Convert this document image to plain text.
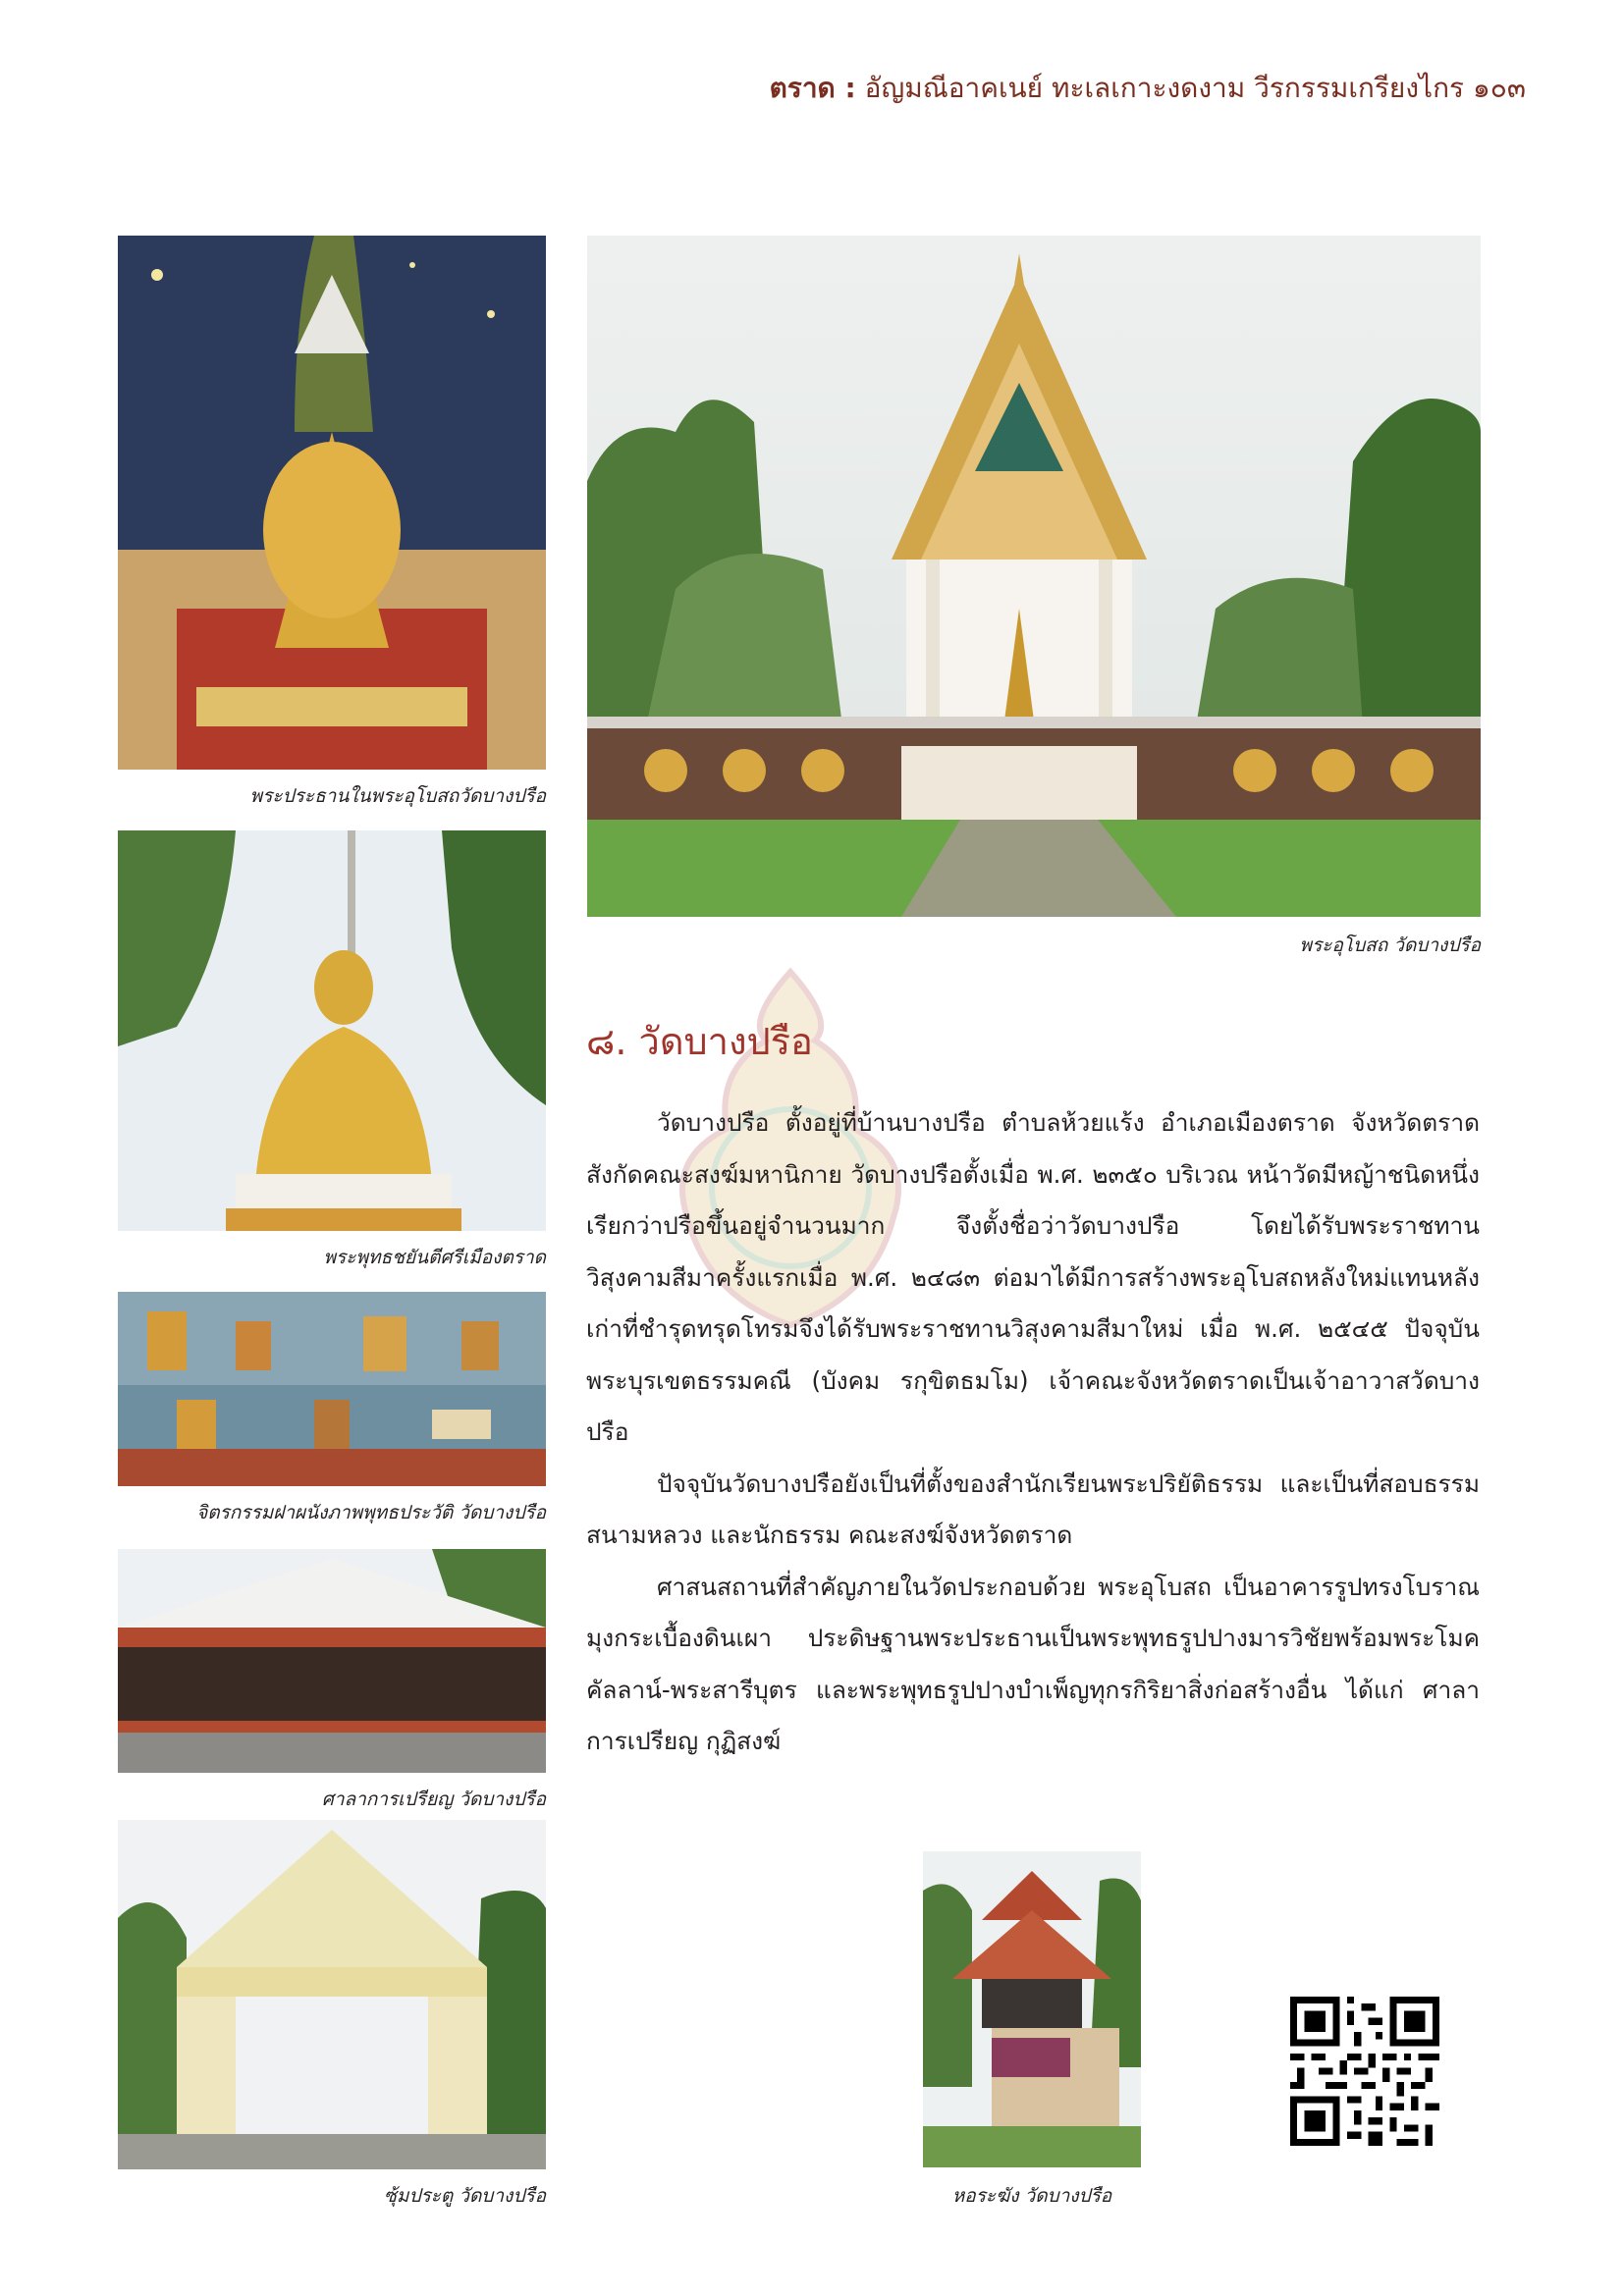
ตราด : อัญมณีอาคเนย์ ทะเลเกาะงดงาม วีรกรรมเกรียงไกร ๑๐๓
พระอุโบสถ วัดบางปรือ
พระประธานในพระอุโบสถวัดบางปรือ
พระพุทธชยันตีศรีเมืองตราด
จิตรกรรมฝาผนังภาพพุทธประวัติ วัดบางปรือ
ศาลาการเปรียญ วัดบางปรือ
ซุ้มประตู วัดบางปรือ
๘. วัดบางปรือ

วัดบางปรือ ตั้งอยู่ที่บ้านบางปรือ ตำบลห้วยแร้ง อำเภอเมืองตราด จังหวัดตราด สังกัดคณะสงฆ์มหานิกาย วัดบางปรือตั้งเมื่อ พ.ศ. ๒๓๕๐ บริเวณ หน้าวัดมีหญ้าชนิดหนึ่งเรียกว่าปรือขึ้นอยู่จำนวนมาก จึงตั้งชื่อว่าวัดบางปรือ โดยได้รับพระราชทานวิสุงคามสีมาครั้งแรกเมื่อ พ.ศ. ๒๔๘๓ ต่อมาได้มีการสร้างพระอุโบสถหลังใหม่แทนหลังเก่าที่ชำรุดทรุดโทรมจึงได้รับพระราชทานวิสุงคามสีมาใหม่ เมื่อ พ.ศ. ๒๕๔๕ ปัจจุบันพระบุรเขตธรรมคณี (บังคม รกุขิตธมโม) เจ้าคณะจังหวัดตราดเป็นเจ้าอาวาสวัดบางปรือ

ปัจจุบันวัดบางปรือยังเป็นที่ตั้งของสำนักเรียนพระปริยัติธรรม และเป็นที่สอบธรรมสนามหลวง และนักธรรม คณะสงฆ์จังหวัดตราด

ศาสนสถานที่สำคัญภายในวัดประกอบด้วย พระอุโบสถ เป็นอาคารรูปทรงโบราณมุงกระเบื้องดินเผา ประดิษฐานพระประธานเป็นพระพุทธรูปปางมารวิชัยพร้อมพระโมคคัลลาน์-พระสารีบุตร และพระพุทธรูปปางบำเพ็ญทุกรกิริยาสิ่งก่อสร้างอื่น ได้แก่ ศาลาการเปรียญ กุฏิสงฆ์

หอระฆัง วัดบางปรือ
